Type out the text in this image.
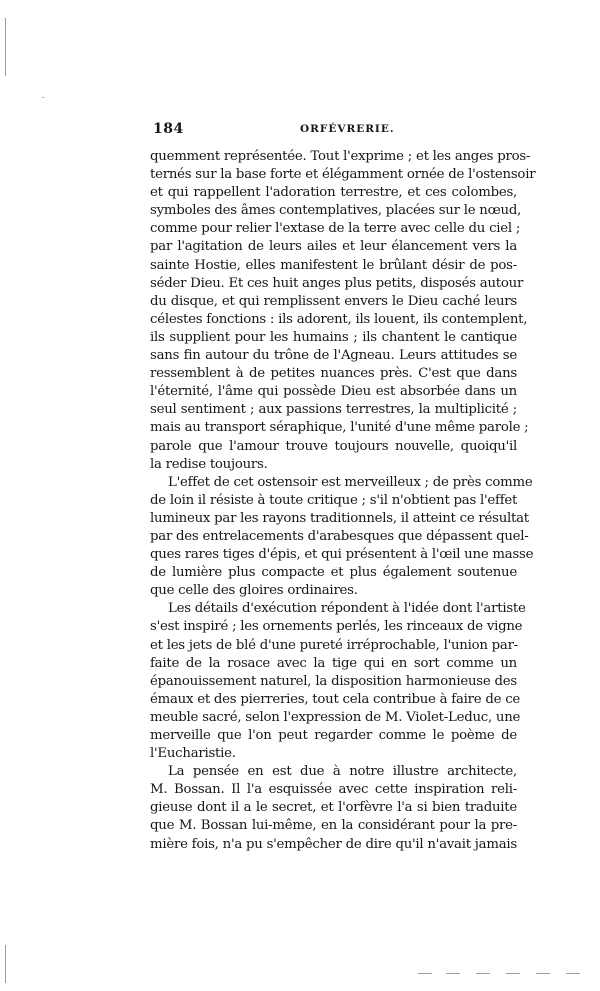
184	ORFÉVRERIE.
quemment représentée. Tout l'exprime ; et les anges pros-
ternés sur la base forte et élégamment ornée de l'ostensoir
et qui rappellent l'adoration terrestre, et ces colombes,
symboles des âmes contemplatives, placées sur le nœud,
comme pour relier l'extase de la terre avec celle du ciel ;
par l'agitation de leurs ailes et leur élancement vers la
sainte Hostie, elles manifestent le brûlant désir de pos-
séder Dieu. Et ces huit anges plus petits, disposés autour
du disque, et qui remplissent envers le Dieu caché leurs
célestes fonctions : ils adorent, ils louent, ils contemplent,
ils supplient pour les humains ; ils chantent le cantique
sans fin autour du trône de l'Agneau. Leurs attitudes se
ressemblent à de petites nuances près. C'est que dans
l'éternité, l'âme qui possède Dieu est absorbée dans un
seul sentiment ; aux passions terrestres, la multiplicité ;
mais au transport séraphique, l'unité d'une même parole ;
parole que l'amour trouve toujours nouvelle, quoiqu'il
la redise toujours.
L'effet de cet ostensoir est merveilleux ; de près comme
de loin il résiste à toute critique ; s'il n'obtient pas l'effet
lumineux par les rayons traditionnels, il atteint ce résultat
par des entrelacements d'arabesques que dépassent quel-
ques rares tiges d'épis, et qui présentent à l'œil une masse
de lumière plus compacte et plus également soutenue
que celle des gloires ordinaires.
Les détails d'exécution répondent à l'idée dont l'artiste
s'est inspiré ; les ornements perlés, les rinceaux de vigne
et les jets de blé d'une pureté irréprochable, l'union par-
faite de la rosace avec la tige qui en sort comme un
épanouissement naturel, la disposition harmonieuse des
émaux et des pierreries, tout cela contribue à faire de ce
meuble sacré, selon l'expression de M. Violet-Leduc, une
merveille que l'on peut regarder comme le poème de
l'Eucharistie.
La pensée en est due à notre illustre architecte,
M. Bossan. Il l'a esquissée avec cette inspiration reli-
gieuse dont il a le secret, et l'orfèvre l'a si bien traduite
que M. Bossan lui-même, en la considérant pour la pre-
mière fois, n'a pu s'empêcher de dire qu'il n'avait jamais
